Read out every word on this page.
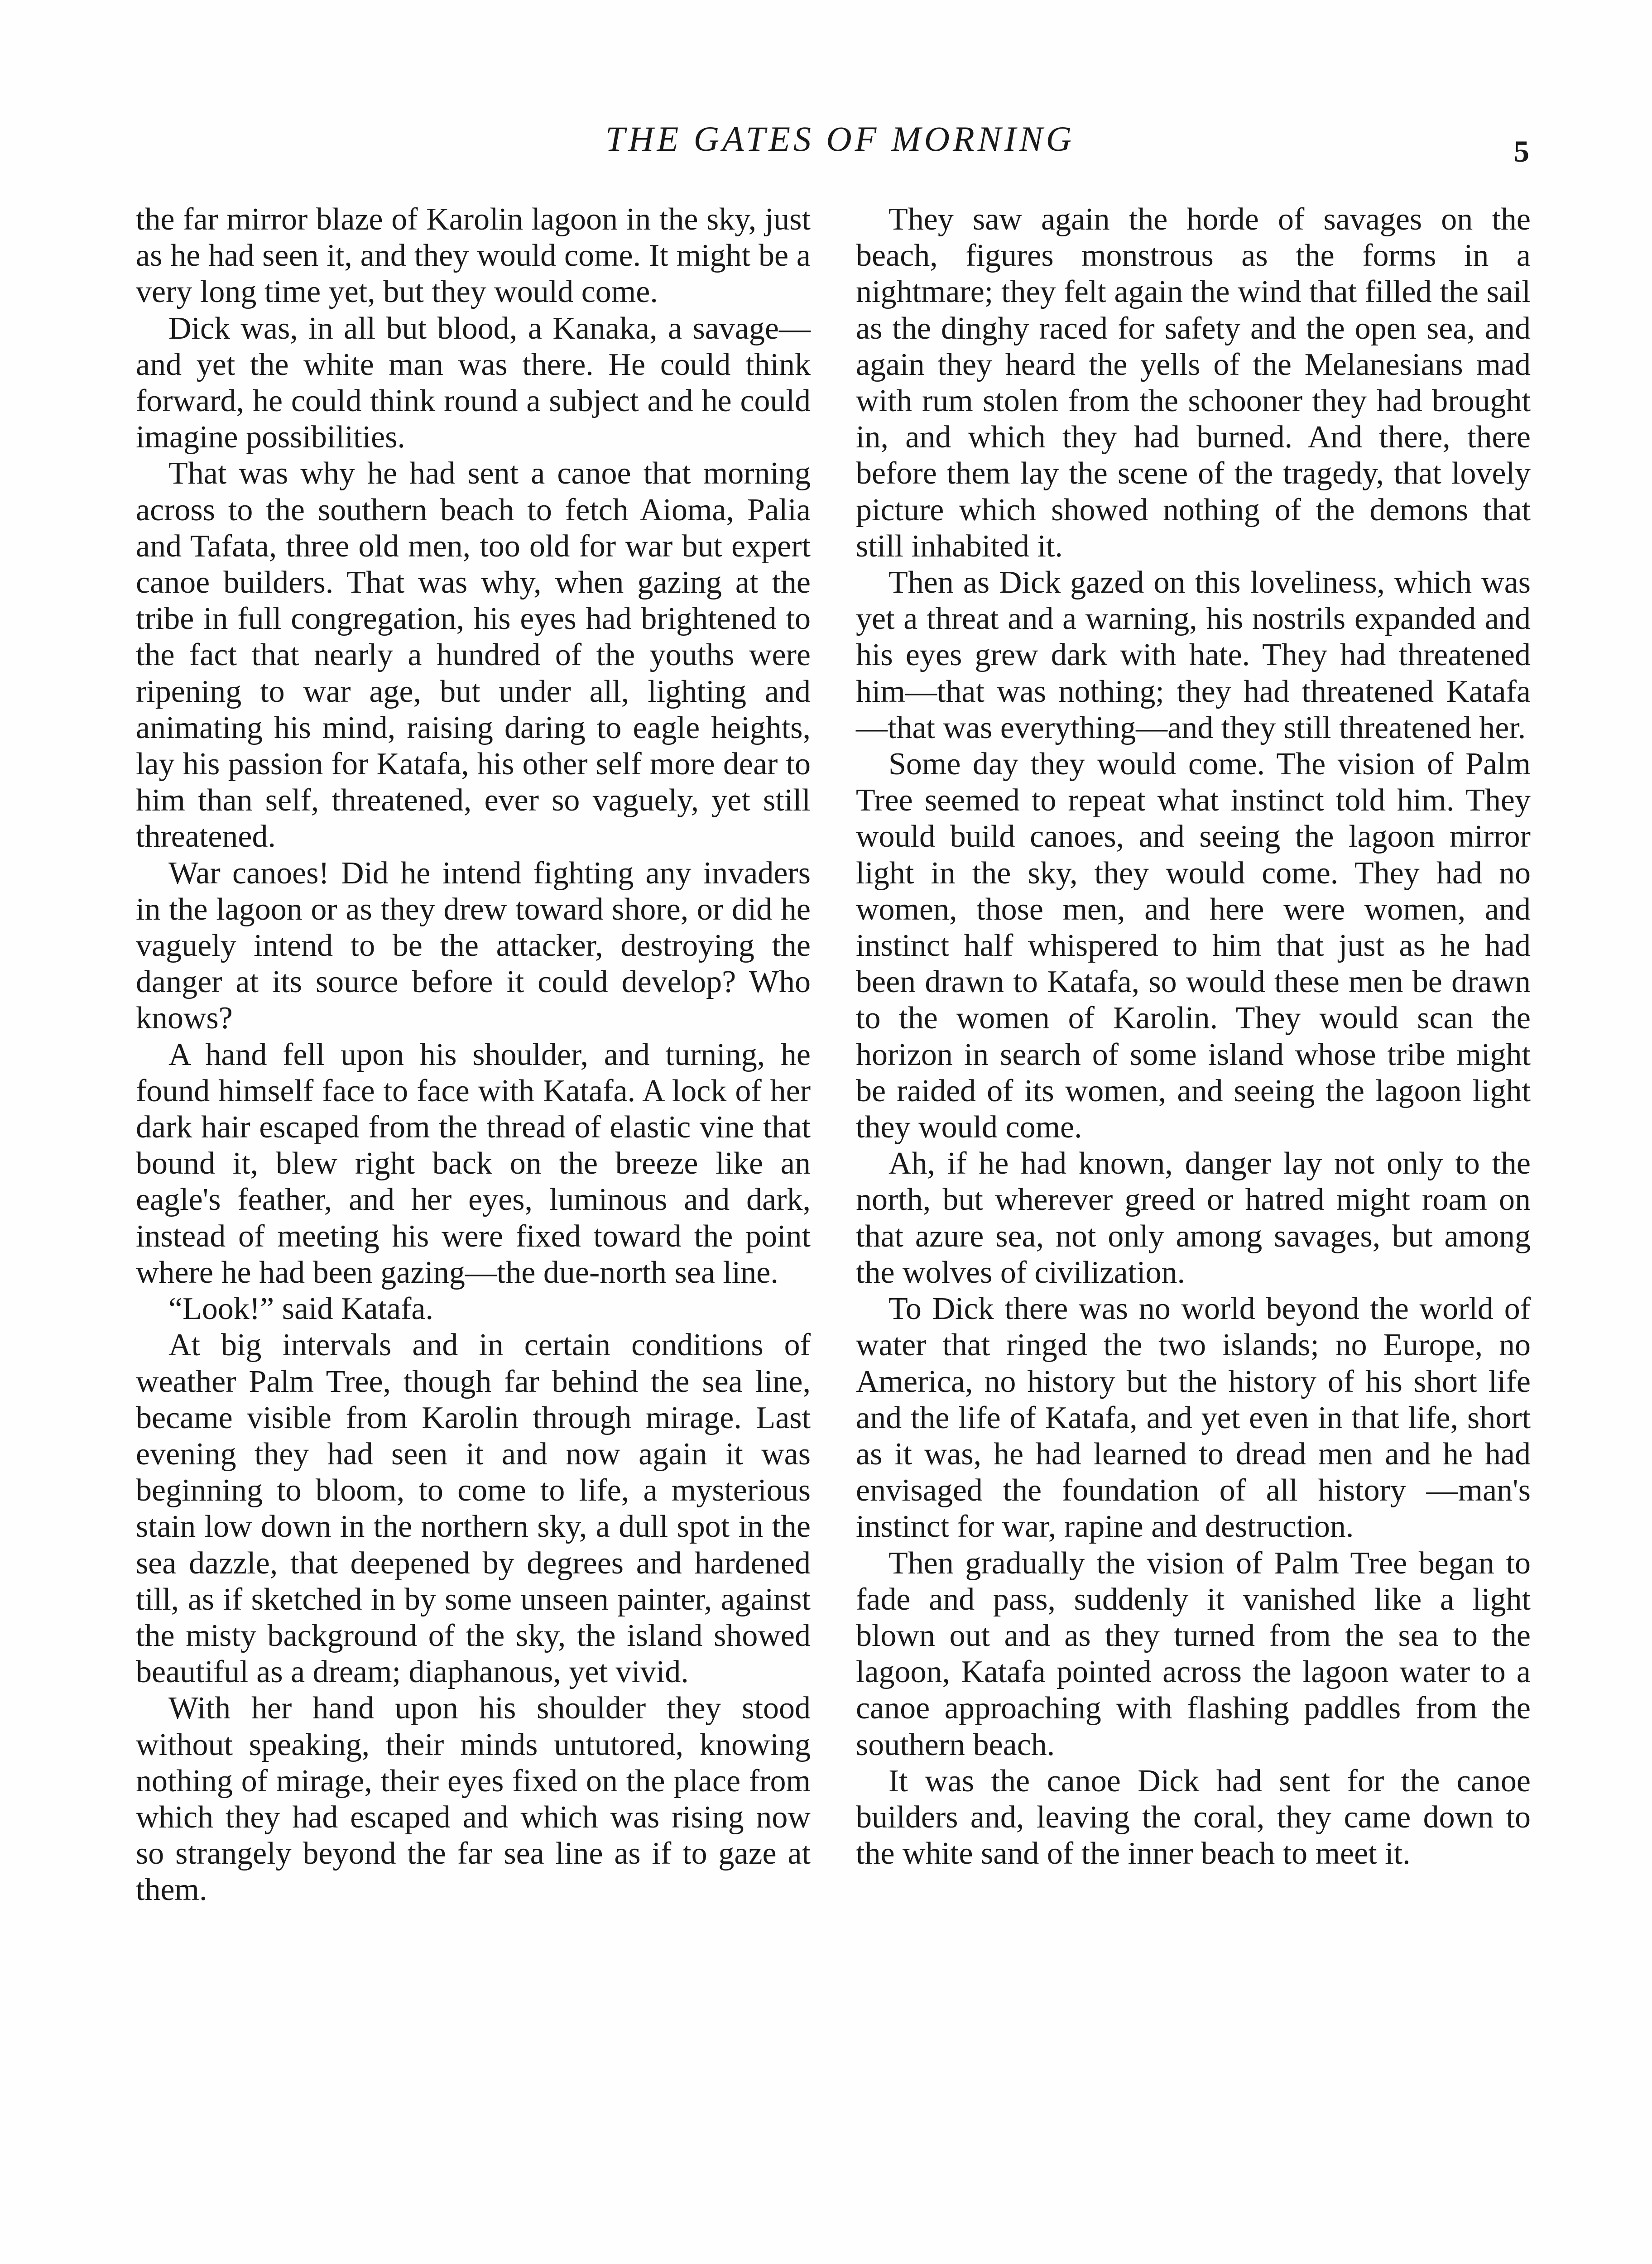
THE GATES OF MORNING	5

the far mirror blaze of Karolin lagoon in the sky, just as he had seen it, and they would come. It might be a very long time yet, but they would come.

Dick was, in all but blood, a Kanaka, a savage—and yet the white man was there. He could think forward, he could think round a subject and he could imagine possibilities.

That was why he had sent a canoe that morning across to the southern beach to fetch Aioma, Palia and Tafata, three old men, too old for war but expert canoe builders. That was why, when gazing at the tribe in full congregation, his eyes had brightened to the fact that nearly a hundred of the youths were ripening to war age, but under all, lighting and animating his mind, raising daring to eagle heights, lay his passion for Katafa, his other self more dear to him than self, threatened, ever so vaguely, yet still threatened.

War canoes! Did he intend fighting any invaders in the lagoon or as they drew toward shore, or did he vaguely intend to be the attacker, destroying the danger at its source before it could develop? Who knows?

A hand fell upon his shoulder, and turning, he found himself face to face with Katafa. A lock of her dark hair escaped from the thread of elastic vine that bound it, blew right back on the breeze like an eagle's feather, and her eyes, luminous and dark, instead of meeting his were fixed toward the point where he had been gazing—the due-north sea line.

“Look!” said Katafa.

At big intervals and in certain conditions of weather Palm Tree, though far behind the sea line, became visible from Karolin through mirage. Last evening they had seen it and now again it was beginning to bloom, to come to life, a mysterious stain low down in the northern sky, a dull spot in the sea dazzle, that deepened by degrees and hardened till, as if sketched in by some unseen painter, against the misty background of the sky, the island showed beautiful as a dream; diaphanous, yet vivid.

With her hand upon his shoulder they stood without speaking, their minds untutored, knowing nothing of mirage, their eyes fixed on the place from which they had escaped and which was rising now so strangely beyond the far sea line as if to gaze at them.

They saw again the horde of savages on the beach, figures monstrous as the forms in a nightmare; they felt again the wind that filled the sail as the dinghy raced for safety and the open sea, and again they heard the yells of the Melanesians mad with rum stolen from the schooner they had brought in, and which they had burned. And there, there before them lay the scene of the tragedy, that lovely picture which showed nothing of the demons that still inhabited it.

Then as Dick gazed on this loveliness, which was yet a threat and a warning, his nostrils expanded and his eyes grew dark with hate. They had threatened him—that was nothing; they had threatened Katafa—that was everything—and they still threatened her.

Some day they would come. The vision of Palm Tree seemed to repeat what instinct told him. They would build canoes, and seeing the lagoon mirror light in the sky, they would come. They had no women, those men, and here were women, and instinct half whispered to him that just as he had been drawn to Katafa, so would these men be drawn to the women of Karolin. They would scan the horizon in search of some island whose tribe might be raided of its women, and seeing the lagoon light they would come.

Ah, if he had known, danger lay not only to the north, but wherever greed or hatred might roam on that azure sea, not only among savages, but among the wolves of civilization.

To Dick there was no world beyond the world of water that ringed the two islands; no Europe, no America, no history but the history of his short life and the life of Katafa, and yet even in that life, short as it was, he had learned to dread men and he had envisaged the foundation of all history —man's instinct for war, rapine and destruction.

Then gradually the vision of Palm Tree began to fade and pass, suddenly it vanished like a light blown out and as they turned from the sea to the lagoon, Katafa pointed across the lagoon water to a canoe approaching with flashing paddles from the southern beach.

It was the canoe Dick had sent for the canoe builders and, leaving the coral, they came down to the white sand of the inner beach to meet it.
